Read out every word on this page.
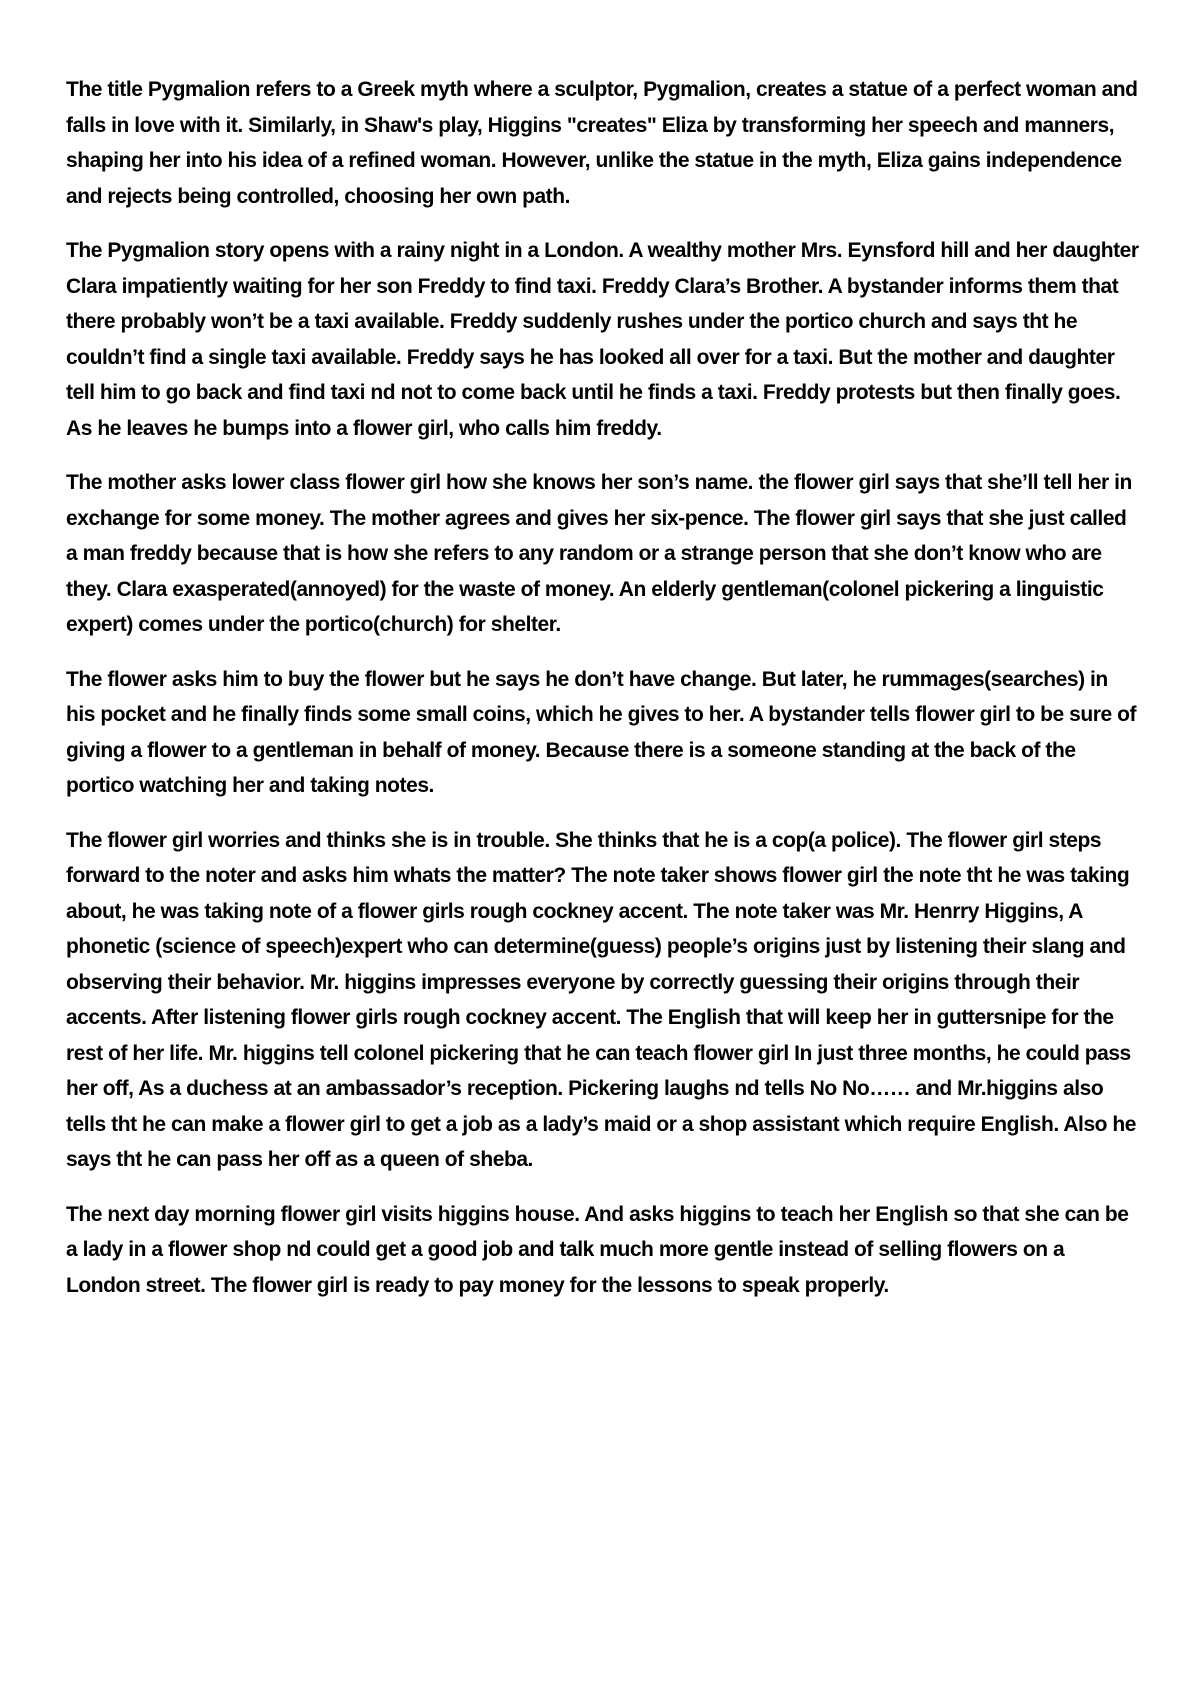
The title Pygmalion refers to a Greek myth where a sculptor, Pygmalion, creates a statue of a perfect woman and falls in love with it. Similarly, in Shaw's play, Higgins "creates" Eliza by transforming her speech and manners, shaping her into his idea of a refined woman. However, unlike the statue in the myth, Eliza gains independence and rejects being controlled, choosing her own path.

The Pygmalion story opens with a rainy night in a London. A wealthy mother Mrs. Eynsford hill and her daughter Clara impatiently waiting for her son Freddy to find taxi. Freddy Clara’s Brother. A bystander informs them that there probably won’t be a taxi available. Freddy suddenly rushes under the portico church and says tht he couldn’t find a single taxi available. Freddy says he has looked all over for a taxi. But the mother and daughter tell him to go back and find taxi nd not to come back until he finds a taxi. Freddy protests but then finally goes. As he leaves he bumps into a flower girl, who calls him freddy.

The mother asks lower class flower girl how she knows her son’s name. the flower girl says that she’ll tell her in exchange for some money. The mother agrees and gives her six-pence. The flower girl says that she just called a man freddy because that is how she refers to any random or a strange person that she don’t know who are they. Clara exasperated(annoyed) for the waste of money. An elderly gentleman(colonel pickering a linguistic expert) comes under the portico(church) for shelter.

The flower asks him to buy the flower but he says he don’t have change. But later, he rummages(searches) in his pocket and he finally finds some small coins, which he gives to her. A bystander tells flower girl to be sure of giving a flower to a gentleman in behalf of money. Because there is a someone standing at the back of the portico watching her and taking notes.

The flower girl worries and thinks she is in trouble. She thinks that he is a cop(a police). The flower girl steps forward to the noter and asks him whats the matter? The note taker shows flower girl the note tht he was taking about, he was taking note of a flower girls rough cockney accent. The note taker was Mr. Henrry Higgins, A phonetic (science of speech)expert who can determine(guess) people’s origins just by listening their slang and observing their behavior. Mr. higgins impresses everyone by correctly guessing their origins through their accents. After listening flower girls rough cockney accent. The English that will keep her in guttersnipe for the rest of her life. Mr. higgins tell colonel pickering that he can teach flower girl In just three months, he could pass her off, As a duchess at an ambassador’s reception. Pickering laughs nd tells No No…… and Mr.higgins also tells tht he can make a flower girl to get a job as a lady’s maid or a shop assistant which require English. Also he says tht he can pass her off as a queen of sheba.

The next day morning flower girl visits higgins house. And asks higgins to teach her English so that she can be a lady in a flower shop nd could get a good job and talk much more gentle instead of selling flowers on a London street. The flower girl is ready to pay money for the lessons to speak properly.
